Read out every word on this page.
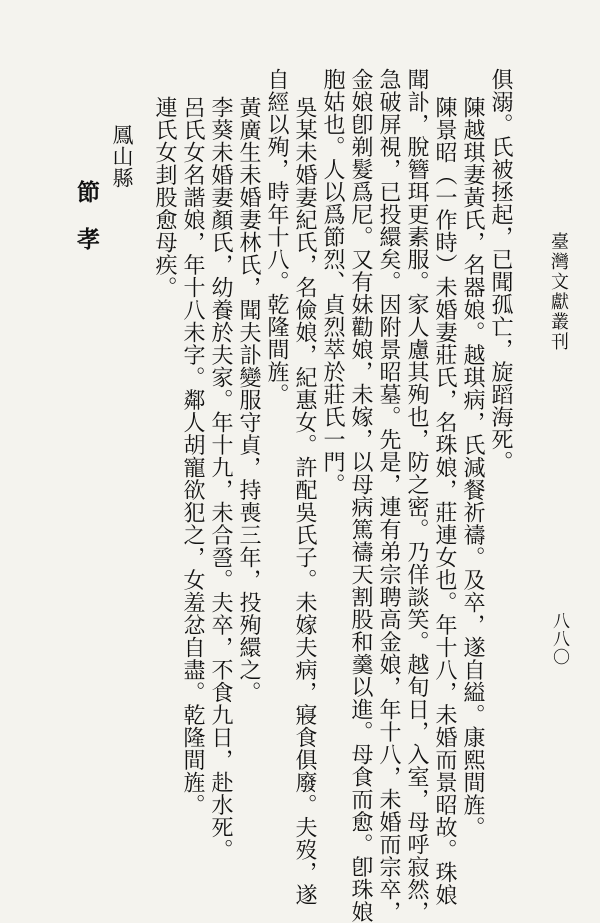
臺灣文獻叢刊
八八〇
俱溺。氏被拯起，已聞孤亡，旋蹈海死。
陳越琪妻黃氏，名器娘。越琪病，氏減餐祈禱。及卒，遂自縊。康熙間旌。
陳景昭（一作時）未婚妻莊氏，名珠娘，莊連女也。年十八，未婚而景昭故。珠娘
聞訃，脫簪珥更素服。家人慮其殉也，防之密。乃佯談笑。越旬日，入室，母呼寂然，
急破屏視，已投繯矣。因附景昭墓。先是，連有弟宗聘高金娘，年十八，未婚而宗卒，
金娘卽剃髮爲尼。又有妹勸娘，未嫁，以母病篤禱天割股和羹以進。母食而愈。卽珠娘
胞姑也。人以爲節烈、貞烈萃於莊氏一門。
吳某未婚妻紀氏，名儉娘，紀惠女。許配吳氏子。未嫁夫病，寢食俱廢。夫歿，遂
自經以殉，時年十八。乾隆間旌。
黃廣生未婚妻林氏，聞夫訃變服守貞，持喪三年，投殉繯之。
李葵未婚妻顏氏，幼養於夫家。年十九，未合巹。夫卒，不食九日，赴水死。
呂氏女名諧娘，年十八未字。鄰人胡寵欲犯之，女羞忿自盡。乾隆間旌。
連氏女刲股愈母疾。
鳳山縣
節　孝
